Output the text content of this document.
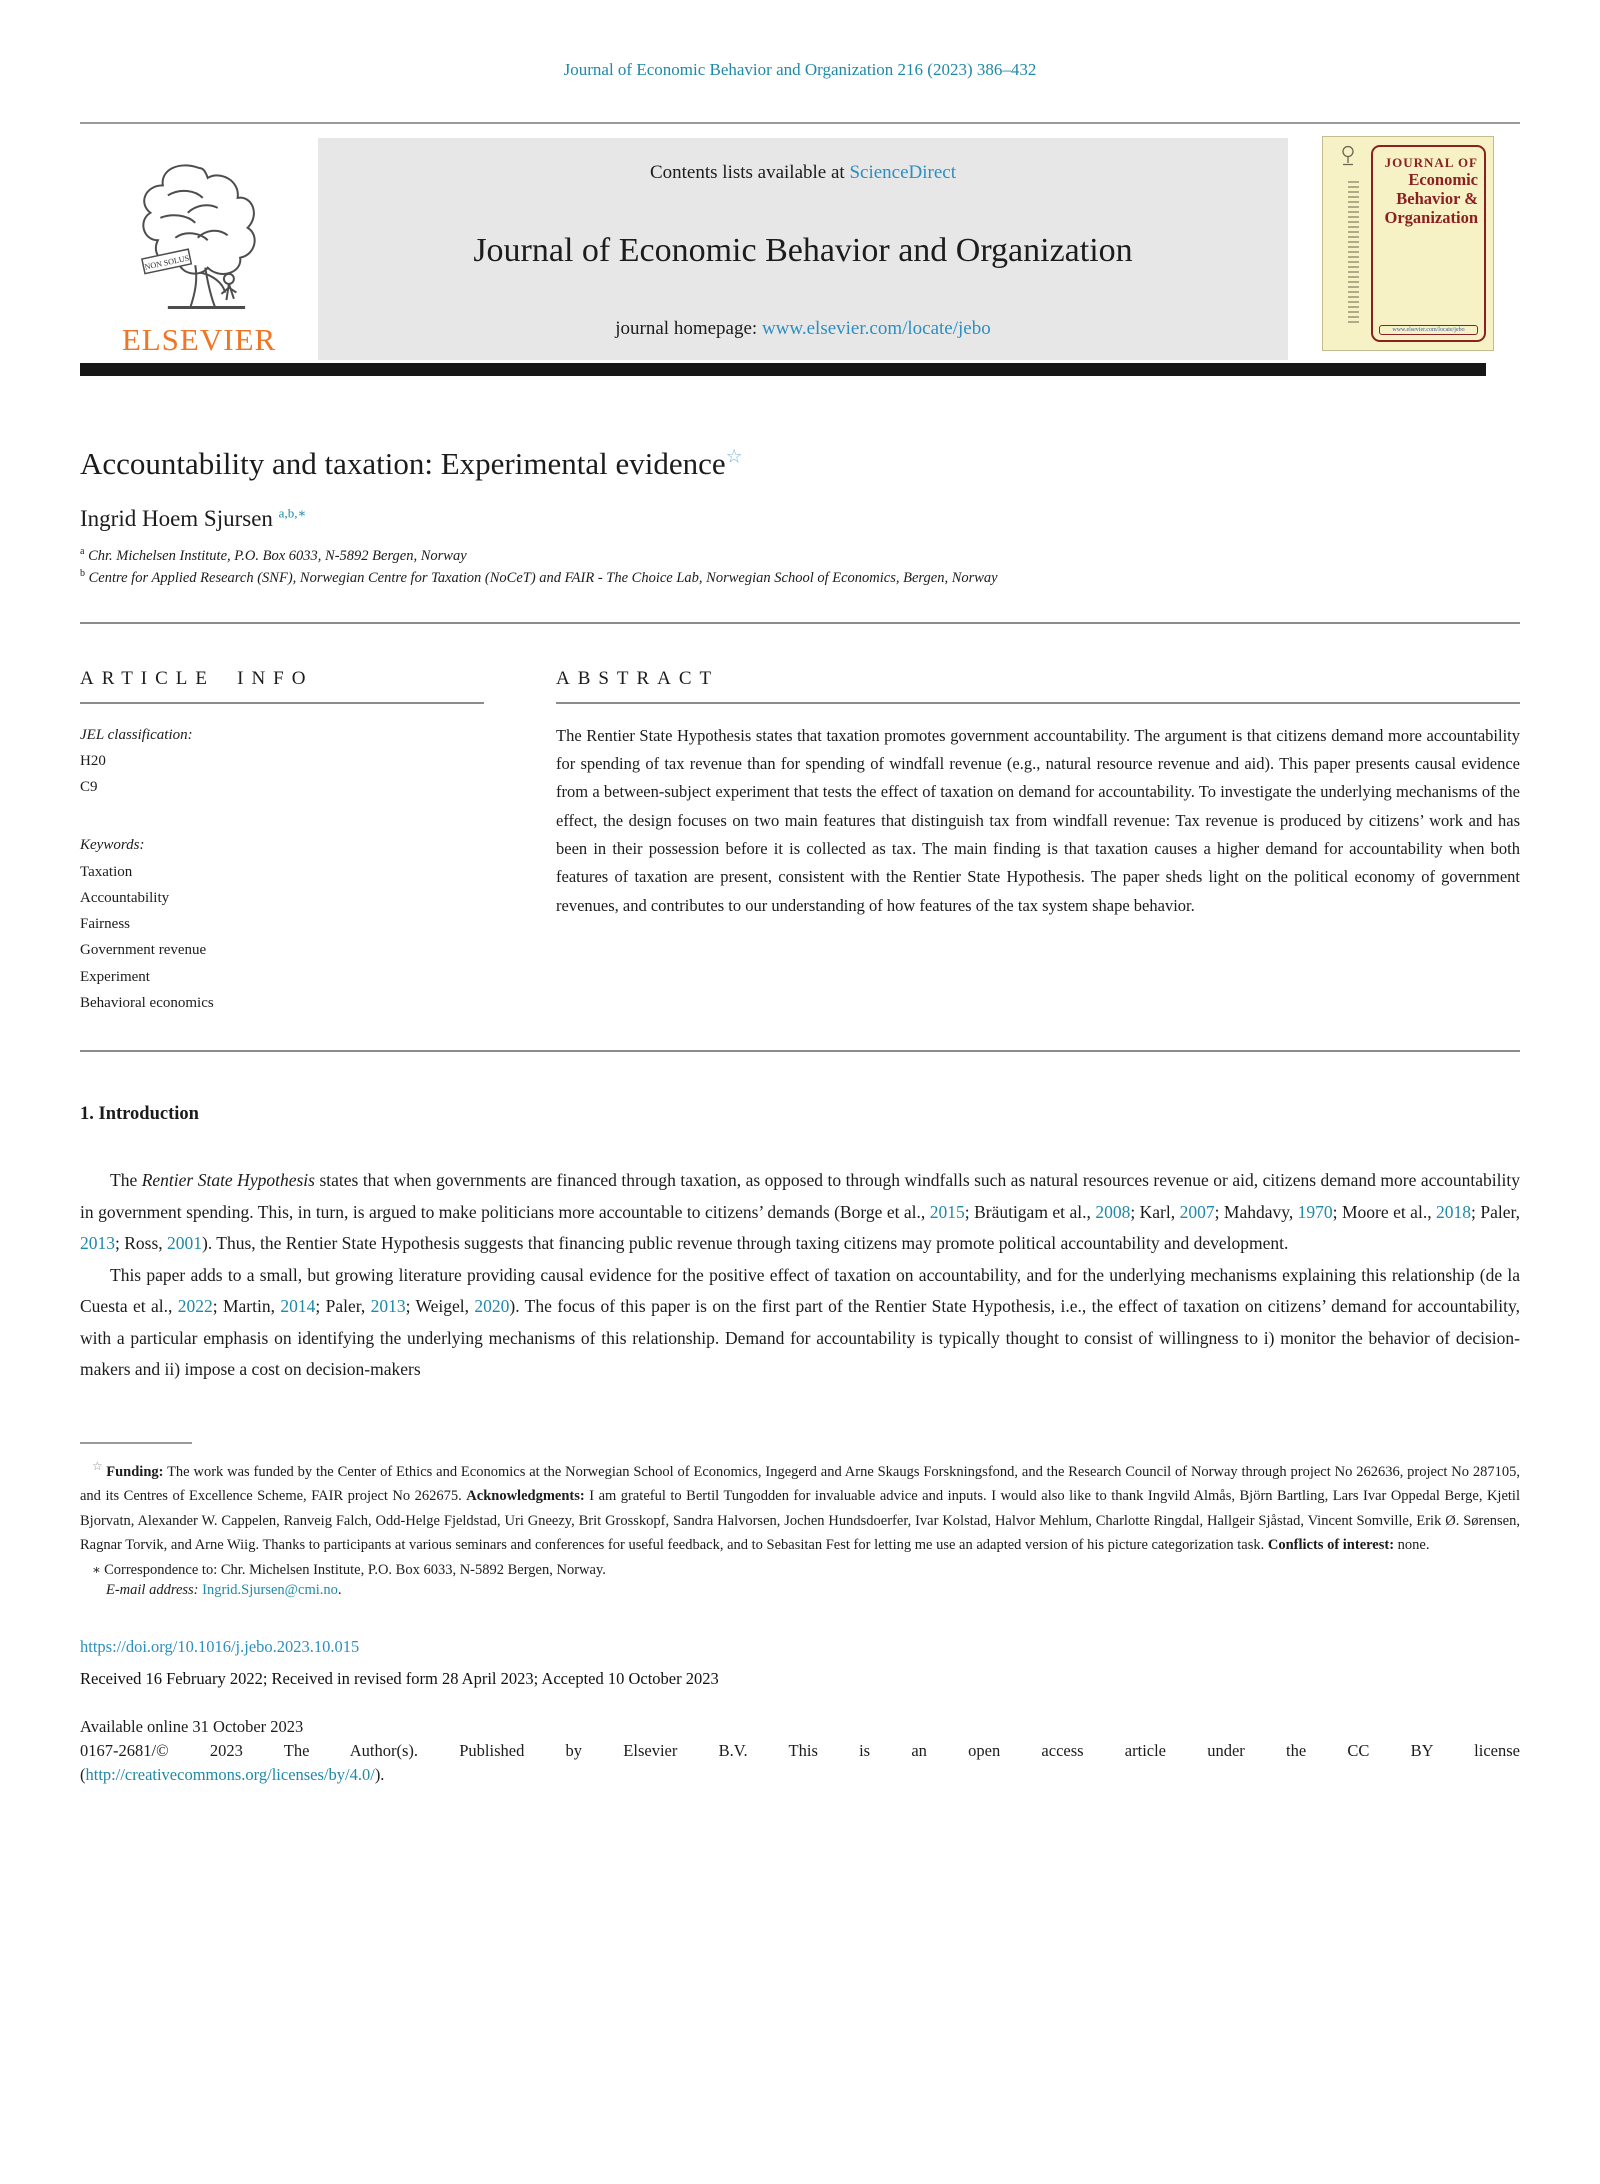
Journal of Economic Behavior and Organization 216 (2023) 386–432
NON SOLUS
ELSEVIER
Contents lists available at ScienceDirect
Journal of Economic Behavior and Organization
journal homepage: www.elsevier.com/locate/jebo
JOURNAL OF
Economic
Behavior &
Organization
www.elsevier.com/locate/jebo
Accountability and taxation: Experimental evidence☆
Ingrid Hoem Sjursen $^{a,b,∗}$
$^a$ Chr. Michelsen Institute, P.O. Box 6033, N-5892 Bergen, Norway
$^b$ Centre for Applied Research (SNF), Norwegian Centre for Taxation (NoCeT) and FAIR - The Choice Lab, Norwegian School of Economics, Bergen, Norway
ARTICLE INFO
JEL classification:
H20
C9
Keywords:
Taxation
Accountability
Fairness
Government revenue
Experiment
Behavioral economics
ABSTRACT
The Rentier State Hypothesis states that taxation promotes government accountability. The argument is that citizens demand more accountability for spending of tax revenue than for spending of windfall revenue (e.g., natural resource revenue and aid). This paper presents causal evidence from a between-subject experiment that tests the effect of taxation on demand for accountability. To investigate the underlying mechanisms of the effect, the design focuses on two main features that distinguish tax from windfall revenue: Tax revenue is produced by citizens’ work and has been in their possession before it is collected as tax. The main finding is that taxation causes a higher demand for accountability when both features of taxation are present, consistent with the Rentier State Hypothesis. The paper sheds light on the political economy of government revenues, and contributes to our understanding of how features of the tax system shape behavior.
1. Introduction

The Rentier State Hypothesis states that when governments are financed through taxation, as opposed to through windfalls such as natural resources revenue or aid, citizens demand more accountability in government spending. This, in turn, is argued to make politicians more accountable to citizens’ demands (Borge et al., 2015; Bräutigam et al., 2008; Karl, 2007; Mahdavy, 1970; Moore et al., 2018; Paler, 2013; Ross, 2001). Thus, the Rentier State Hypothesis suggests that financing public revenue through taxing citizens may promote political accountability and development.

This paper adds to a small, but growing literature providing causal evidence for the positive effect of taxation on accountability, and for the underlying mechanisms explaining this relationship (de la Cuesta et al., 2022; Martin, 2014; Paler, 2013; Weigel, 2020). The focus of this paper is on the first part of the Rentier State Hypothesis, i.e., the effect of taxation on citizens’ demand for accountability, with a particular emphasis on identifying the underlying mechanisms of this relationship. Demand for accountability is typically thought to consist of willingness to i) monitor the behavior of decision-makers and ii) impose a cost on decision-makers

☆ Funding: The work was funded by the Center of Ethics and Economics at the Norwegian School of Economics, Ingegerd and Arne Skaugs Forskningsfond, and the Research Council of Norway through project No 262636, project No 287105, and its Centres of Excellence Scheme, FAIR project No 262675. Acknowledgments: I am grateful to Bertil Tungodden for invaluable advice and inputs. I would also like to thank Ingvild Almås, Björn Bartling, Lars Ivar Oppedal Berge, Kjetil Bjorvatn, Alexander W. Cappelen, Ranveig Falch, Odd-Helge Fjeldstad, Uri Gneezy, Brit Grosskopf, Sandra Halvorsen, Jochen Hundsdoerfer, Ivar Kolstad, Halvor Mehlum, Charlotte Ringdal, Hallgeir Sjåstad, Vincent Somville, Erik Ø. Sørensen, Ragnar Torvik, and Arne Wiig. Thanks to participants at various seminars and conferences for useful feedback, and to Sebasitan Fest for letting me use an adapted version of his picture categorization task. Conflicts of interest: none.
∗ Correspondence to: Chr. Michelsen Institute, P.O. Box 6033, N-5892 Bergen, Norway.
E-mail address: Ingrid.Sjursen@cmi.no.
https://doi.org/10.1016/j.jebo.2023.10.015
Received 16 February 2022; Received in revised form 28 April 2023; Accepted 10 October 2023
Available online 31 October 2023
0167-2681/© 2023 The Author(s). Published by Elsevier B.V. This is an open access article under the CC BY license
(http://creativecommons.org/licenses/by/4.0/).
